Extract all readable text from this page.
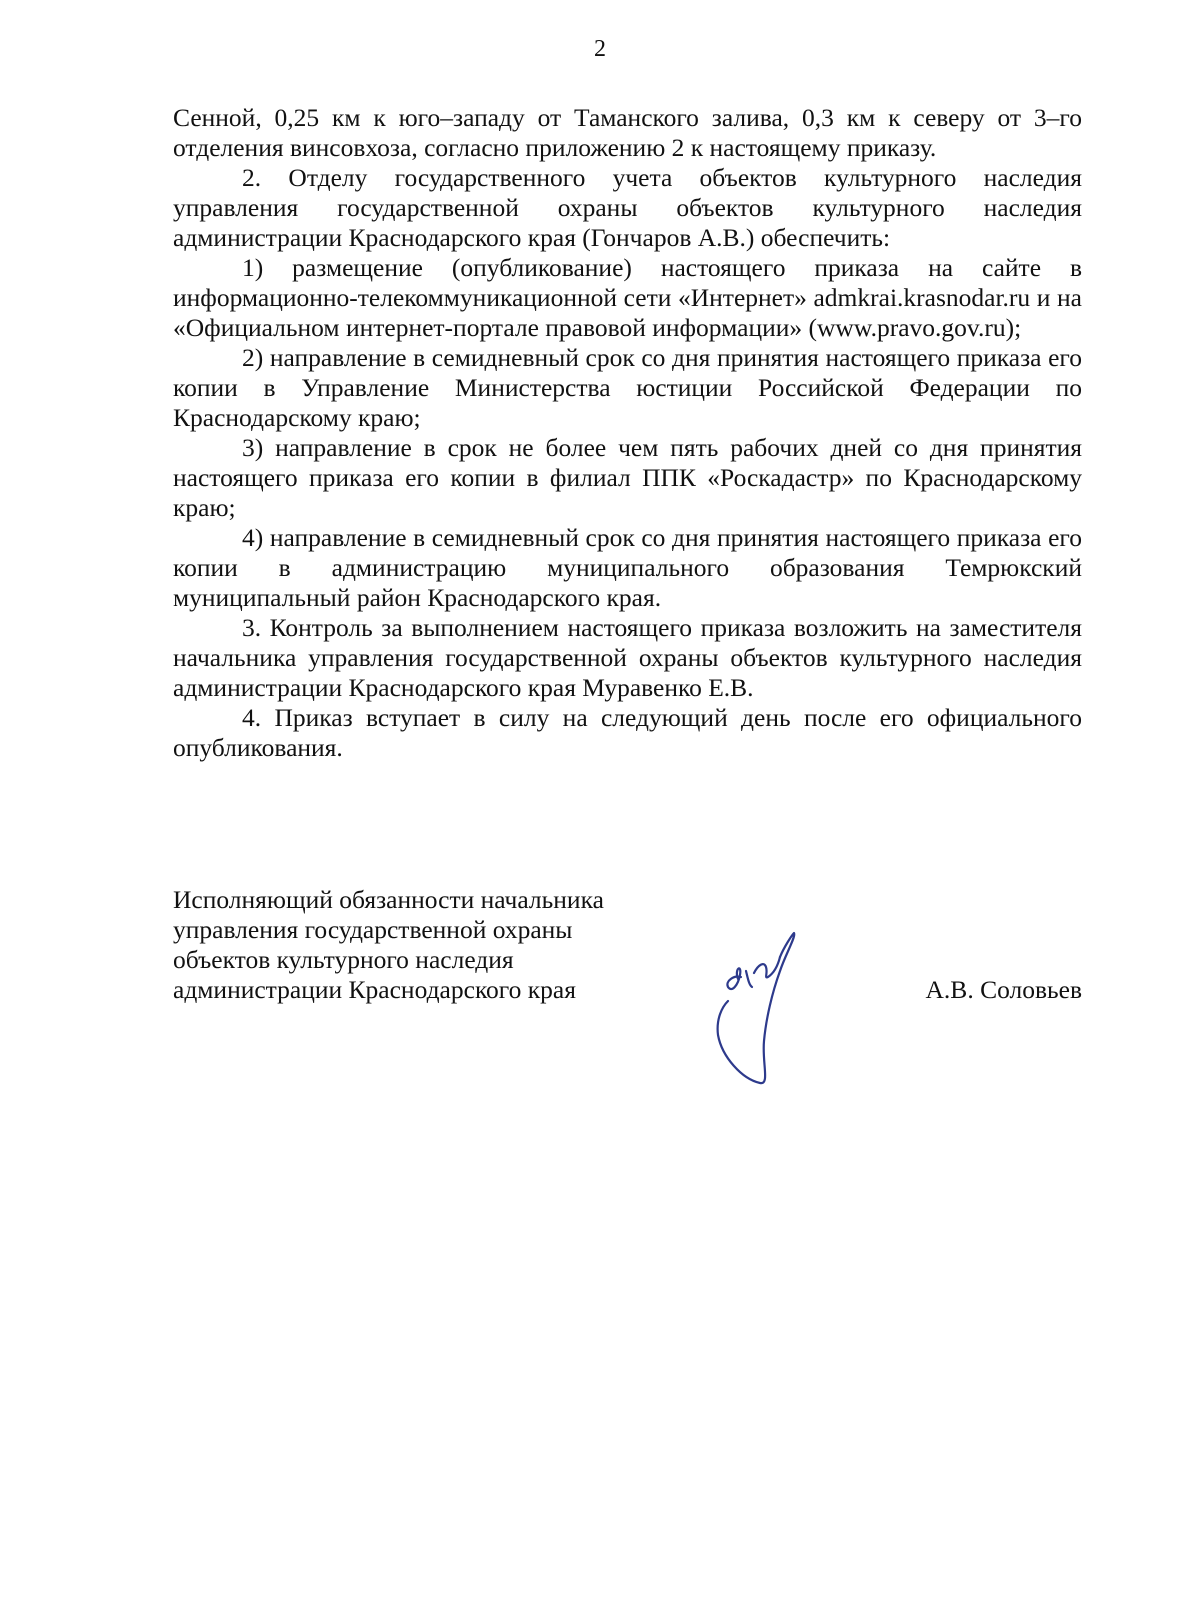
2

Сенной, 0,25 км к юго–западу от Таманского залива, 0,3 км к северу от 3–го отделения винсовхоза, согласно приложению 2 к настоящему приказу.

2. Отделу государственного учета объектов культурного наследия управления государственной охраны объектов культурного наследия администрации Краснодарского края (Гончаров А.В.) обеспечить:

1) размещение (опубликование) настоящего приказа на сайте в информационно-телекоммуникационной сети «Интернет» admkrai.krasnodar.ru и на «Официальном интернет-портале правовой информации» (www.pravo.gov.ru);

2) направление в семидневный срок со дня принятия настоящего приказа его копии в Управление Министерства юстиции Российской Федерации по Краснодарскому краю;

3) направление в срок не более чем пять рабочих дней со дня принятия настоящего приказа его копии в филиал ППК «Роскадастр» по Краснодарскому краю;

4) направление в семидневный срок со дня принятия настоящего приказа его копии в администрацию муниципального образования Темрюкский муниципальный район Краснодарского края.

3. Контроль за выполнением настоящего приказа возложить на заместителя начальника управления государственной охраны объектов культурного наследия администрации Краснодарского края Муравенко Е.В.

4. Приказ вступает в силу на следующий день после его официального опубликования.

Исполняющий обязанности начальника
управления государственной охраны
объектов культурного наследия
администрации Краснодарского края	А.В. Соловьев
